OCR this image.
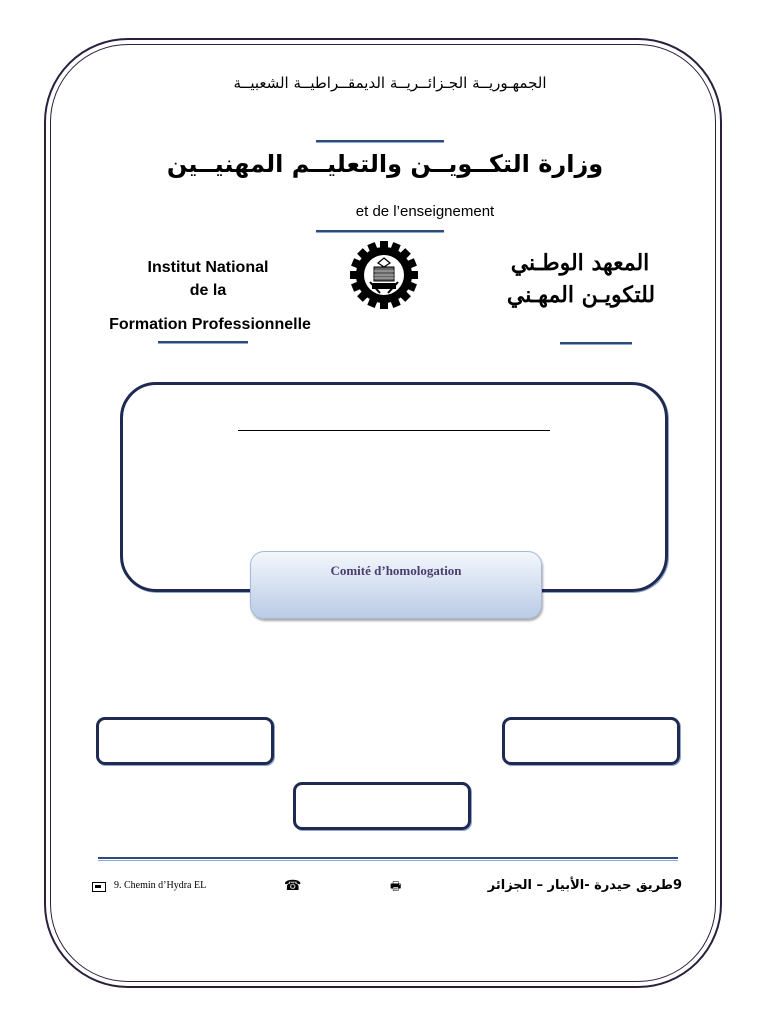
الجمهـوريــة الجـزائــريــة الديمقــراطيــة الشعبيــة
وزارة التكــويــن والتعليــم المهنيــين
et de l’enseignement
Institut National
de la
Formation Professionnelle
المعهد الوطـني
للتكويـن المهـني
Comité d’homologation
9. Chemin d’Hydra EL	☎	🖶	9طريق حيدرة -الأبيار – الجزائر
